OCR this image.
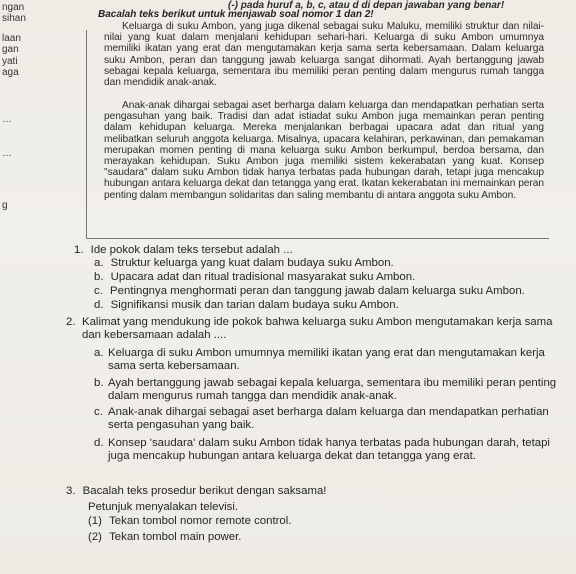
ngan
sihan
laan
gan
yati
aga
…
…
g
(-) pada huruf a, b, c, atau d di depan jawaban yang benar!
Bacalah teks berikut untuk menjawab soal nomor 1 dan 2!
Keluarga di suku Ambon, yang juga dikenal sebagai suku Maluku, memiliki struktur dan nilai-nilai yang kuat dalam menjalani kehidupan sehari-hari. Keluarga di suku Ambon umumnya memiliki ikatan yang erat dan mengutamakan kerja sama serta kebersamaan. Dalam keluarga suku Ambon, peran dan tanggung jawab keluarga sangat dihormati. Ayah bertanggung jawab sebagai kepala keluarga, sementara ibu memiliki peran penting dalam mengurus rumah tangga dan mendidik anak-anak.
Anak-anak dihargai sebagai aset berharga dalam keluarga dan mendapatkan perhatian serta pengasuhan yang baik. Tradisi dan adat istiadat suku Ambon juga memainkan peran penting dalam kehidupan keluarga. Mereka menjalankan berbagai upacara adat dan ritual yang melibatkan seluruh anggota keluarga. Misalnya, upacara kelahiran, perkawinan, dan pemakaman merupakan momen penting di mana keluarga suku Ambon berkumpul, berdoa bersama, dan merayakan kehidupan. Suku Ambon juga memiliki sistem kekerabatan yang kuat. Konsep "saudara" dalam suku Ambon tidak hanya terbatas pada hubungan darah, tetapi juga mencakup hubungan antara keluarga dekat dan tetangga yang erat. Ikatan kekerabatan ini memainkan peran penting dalam membangun solidaritas dan saling membantu di antara anggota suku Ambon.
1. Ide pokok dalam teks tersebut adalah ...
a. Struktur keluarga yang kuat dalam budaya suku Ambon.
b. Upacara adat dan ritual tradisional masyarakat suku Ambon.
c. Pentingnya menghormati peran dan tanggung jawab dalam keluarga suku Ambon.
d. Signifikansi musik dan tarian dalam budaya suku Ambon.
2. Kalimat yang mendukung ide pokok bahwa keluarga suku Ambon mengutamakan kerja sama dan kebersamaan adalah ....
a. Keluarga di suku Ambon umumnya memiliki ikatan yang erat dan mengutamakan kerja sama serta kebersamaan.
b. Ayah bertanggung jawab sebagai kepala keluarga, sementara ibu memiliki peran penting dalam mengurus rumah tangga dan mendidik anak-anak.
c. Anak-anak dihargai sebagai aset berharga dalam keluarga dan mendapatkan perhatian serta pengasuhan yang baik.
d. Konsep 'saudara' dalam suku Ambon tidak hanya terbatas pada hubungan darah, tetapi juga mencakup hubungan antara keluarga dekat dan tetangga yang erat.
3. Bacalah teks prosedur berikut dengan saksama!
Petunjuk menyalakan televisi.
(1) Tekan tombol nomor remote control.
(2) Tekan tombol main power.
